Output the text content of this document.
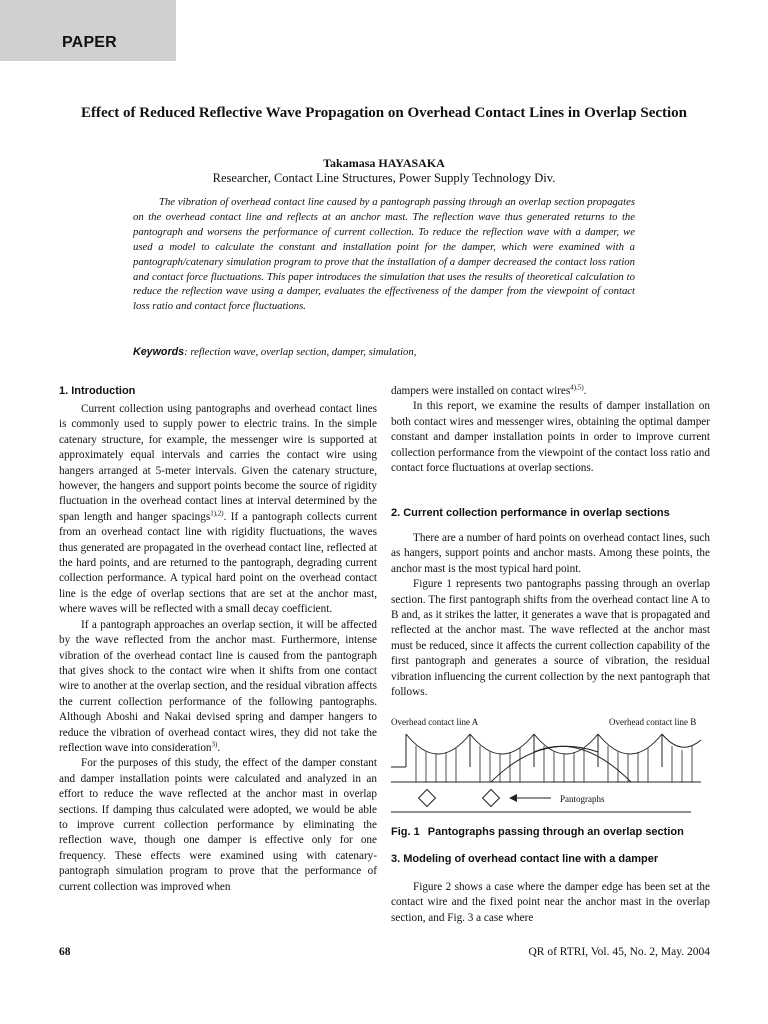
PAPER
Effect of Reduced Reflective Wave Propagation on Overhead Contact Lines in Overlap Section
Takamasa HAYASAKA
Researcher, Contact Line Structures, Power Supply Technology Div.
The vibration of overhead contact line caused by a pantograph passing through an overlap section propagates on the overhead contact line and reflects at an anchor mast. The reflection wave thus generated returns to the pantograph and worsens the performance of current collection. To reduce the reflection wave with a damper, we used a model to calculate the constant and installation point for the damper, which were examined with a pantograph/catenary simulation program to prove that the installation of a damper decreased the contact loss ration and contact force fluctuations. This paper introduces the simulation that uses the results of theoretical calculation to reduce the reflection wave using a damper, evaluates the effectiveness of the damper from the viewpoint of contact loss ratio and contact force fluctuations.
Keywords: reflection wave, overlap section, damper, simulation,
1. Introduction

Current collection using pantographs and overhead contact lines is commonly used to supply power to electric trains. In the simple catenary structure, for example, the messenger wire is supported at approximately equal intervals and carries the contact wire using hangers arranged at 5-meter intervals. Given the catenary structure, however, the hangers and support points become the source of rigidity fluctuation in the overhead contact lines at interval determined by the span length and hanger spacings$^{1),2)}$. If a pantograph collects current from an overhead contact line with rigidity fluctuations, the waves thus generated are propagated in the overhead contact line, reflected at the hard points, and are returned to the pantograph, degrading current collection performance. A typical hard point on the overhead contact line is the edge of overlap sections that are set at the anchor mast, where waves will be reflected with a small decay coefficient.

If a pantograph approaches an overlap section, it will be affected by the wave reflected from the anchor mast. Furthermore, intense vibration of the overhead contact line is caused from the pantograph that gives shock to the contact wire when it shifts from one contact wire to another at the overlap section, and the residual vibration affects the current collection performance of the following pantographs. Although Aboshi and Nakai devised spring and damper hangers to reduce the vibration of overhead contact wires, they did not take the reflection wave into consideration$^{3)}$.

For the purposes of this study, the effect of the damper constant and damper installation points were calculated and analyzed in an effort to reduce the wave reflected at the anchor mast in overlap sections. If damping thus calculated were adopted, we would be able to improve current collection performance by eliminating the reflection wave, though one damper is effective only for one frequency. These effects were examined using with catenary-pantograph simulation program to prove that the performance of current collection was improved when

dampers were installed on contact wires$^{4),5)}$.

In this report, we examine the results of damper installation on both contact wires and messenger wires, obtaining the optimal damper constant and damper installation points in order to improve current collection performance from the viewpoint of the contact loss ratio and contact force fluctuations at overlap sections.

2. Current collection performance in overlap sections

There are a number of hard points on overhead contact lines, such as hangers, support points and anchor masts. Among these points, the anchor mast is the most typical hard point.

Figure 1 represents two pantographs passing through an overlap section. The first pantograph shifts from the overhead contact line A to B and, as it strikes the latter, it generates a wave that is propagated and reflected at the anchor mast. The wave reflected at the anchor mast must be reduced, since it affects the current collection capability of the first pantograph and generates a source of vibration, the residual vibration influencing the current collection by the next pantograph that follows.

Overhead contact line A	Overhead contact line B
Pantographs
Fig. 1 Pantographs passing through an overlap section
3. Modeling of overhead contact line with a damper

Figure 2 shows a case where the damper edge has been set at the contact wire and the fixed point near the anchor mast in the overlap section, and Fig. 3 a case where

68	QR of RTRI, Vol. 45, No. 2, May. 2004
